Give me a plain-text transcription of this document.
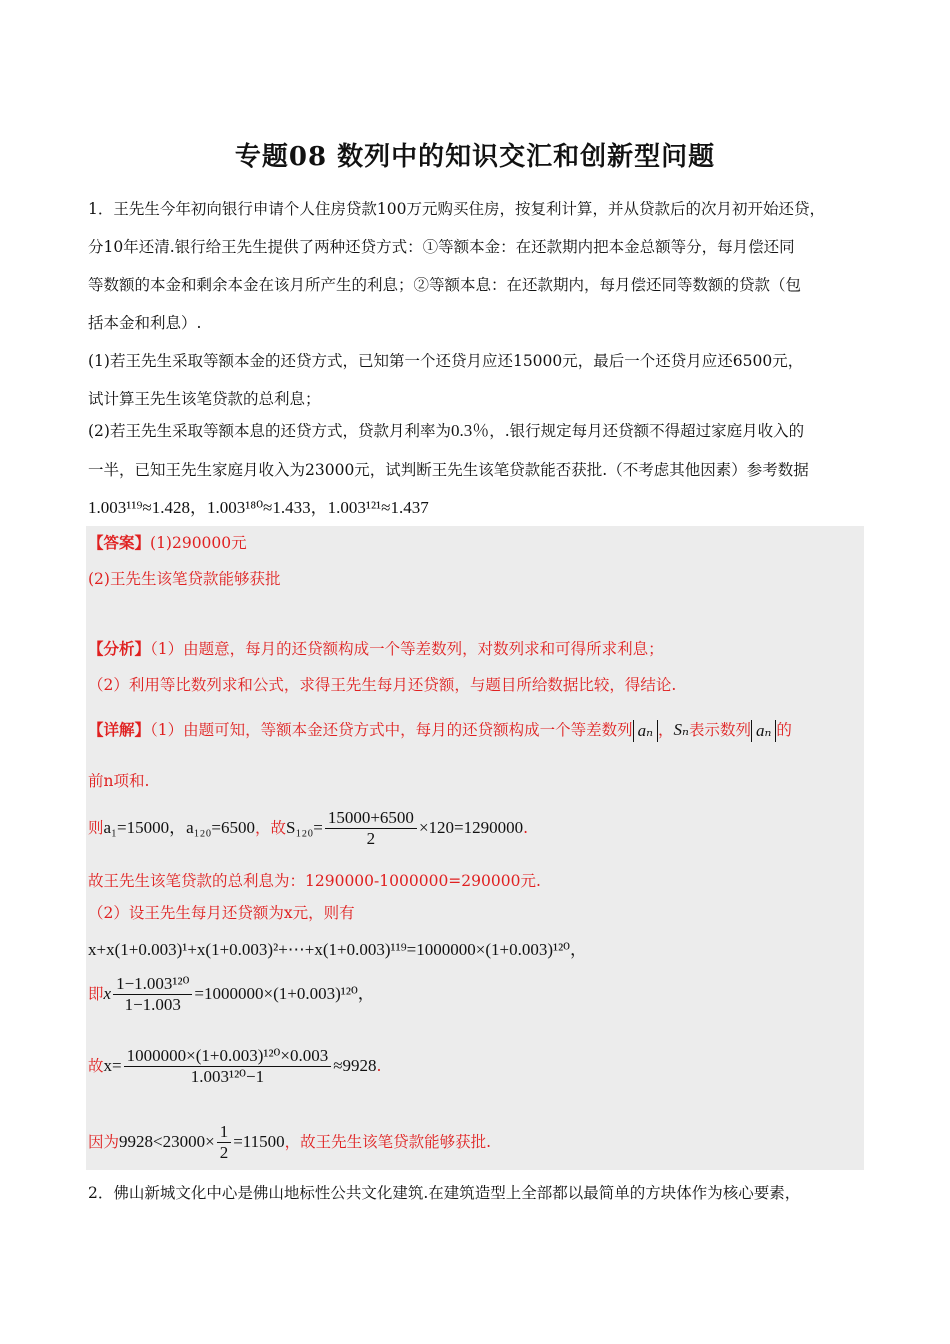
专题08 数列中的知识交汇和创新型问题
1．王先生今年初向银行申请个人住房贷款100万元购买住房，按复利计算，并从贷款后的次月初开始还贷，
分10年还清.银行给王先生提供了两种还贷方式：①等额本金：在还款期内把本金总额等分，每月偿还同
等数额的本金和剩余本金在该月所产生的利息；②等额本息：在还款期内，每月偿还同等数额的贷款（包
括本金和利息）.
(1)若王先生采取等额本金的还贷方式，已知第一个还贷月应还15000元，最后一个还贷月应还6500元，
试计算王先生该笔贷款的总利息；
(2)若王先生采取等额本息的还贷方式，贷款月利率为0.3％，.银行规定每月还贷额不得超过家庭月收入的
一半，已知王先生家庭月收入为23000元，试判断王先生该笔贷款能否获批.（不考虑其他因素）参考数据
1.003¹¹⁹≈1.428，1.003¹⁸⁰≈1.433，1.003¹²¹≈1.437
【答案】(1)290000元
(2)王先生该笔贷款能够获批
【分析】（1）由题意，每月的还贷额构成一个等差数列，对数列求和可得所求利息；
（2）利用等比数列求和公式，求得王先生每月还贷额，与题目所给数据比较，得结论.
【详解】（1）由题可知，等额本金还贷方式中，每月的还贷额构成一个等差数列 aₙ ，Sₙ表示数列 aₙ 的
前n项和.
则a₁=15000，a₁₂₀=6500，故$S_{120}= \frac{15000+6500}{2} \times 120=1290000$.
故王先生该笔贷款的总利息为：1290000-1000000=290000元.
（2）设王先生每月还贷额为x元，则有
x+x(1+0.003)¹+x(1+0.003)²+⋯+x(1+0.003)¹¹⁹=1000000×(1+0.003)¹²⁰，
即x $\frac{\text{1−1.003¹²⁰}}{1-1.003} =1000000\times(1+0.003)^{120}$，
故$x= \frac{\text{1000000×(1+0.003)¹²⁰×0.003}}{\text{1.003¹²⁰−1}} \approx 9928$.
因为$9928<23000\times \frac{1}{2} =11500$，故王先生该笔贷款能够获批.
2．佛山新城文化中心是佛山地标性公共文化建筑.在建筑造型上全部都以最简单的方块体作为核心要素，
